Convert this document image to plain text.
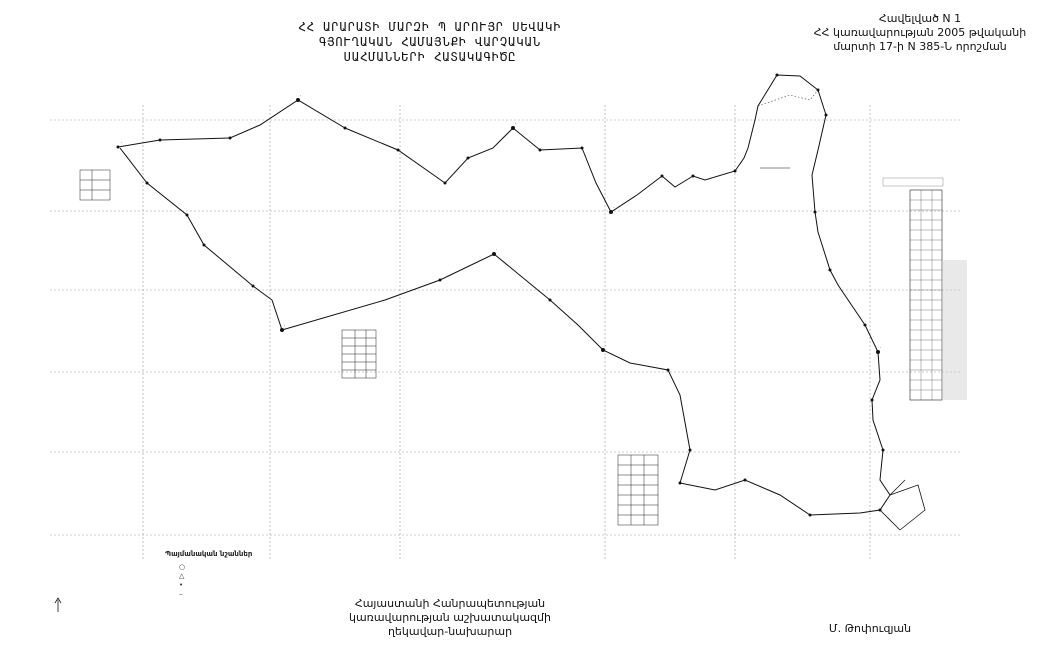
·
·
·
·
·
·
·
·
ՀՀ ԱՐԱՐԱՏԻ ՄԱՐԶԻ Պ ԱՐՈՒՅՐ ՍԵՎԱԿԻ
ԳՅՈՒՂԱԿԱՆ ՀԱՄԱՅՆՔԻ ՎԱՐՉԱԿԱՆ
ՍԱՀՄԱՆՆԵՐԻ ՀԱՏԱԿԱԳԻԾԸ
Հավելված N 1
ՀՀ կառավարության 2005 թվականի
մարտի 17-ի N 385-Ն որոշման
Պայմանական նշաններ
○
△
•
–
Հայաստանի Հանրապետության
կառավարության աշխատակազմի
ղեկավար-նախարար	Մ. Թոփուզյան
